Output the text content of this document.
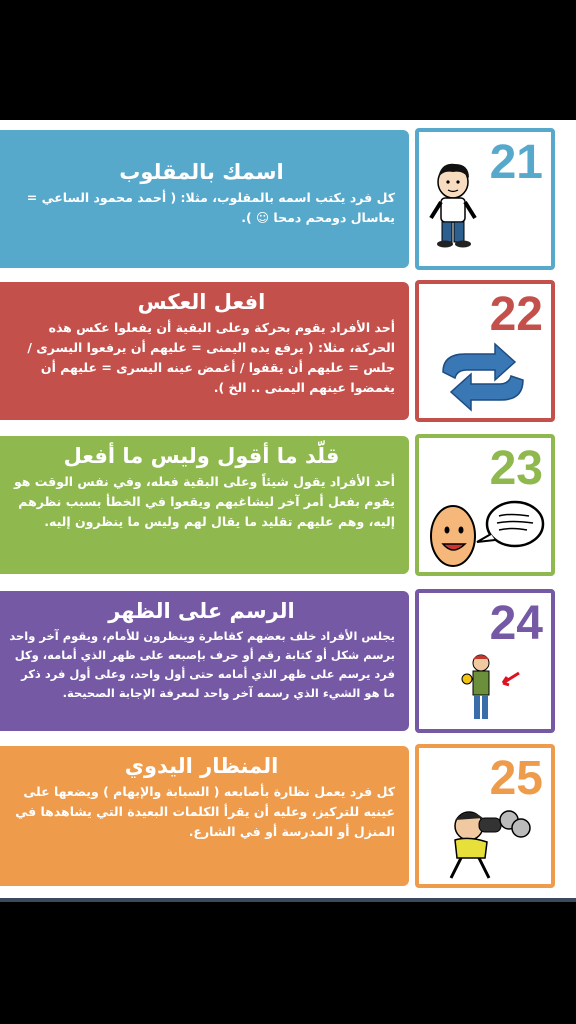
اسمك بالمقلوب

كل فرد يكتب اسمه بالمقلوب، مثلا: ( أحمد محمود الساعي = يعاسال دومحم دمحا ☺ ).

21
افعل العكس

أحد الأفراد يقوم بحركة وعلى البقية أن يفعلوا عكس هذه الحركة، مثلا: ( يرفع يده اليمنى = عليهم أن يرفعوا اليسرى / جلس = عليهم أن يقفوا / أغمض عينه اليسرى = عليهم أن يغمضوا عينهم اليمنى .. الخ ).

22
قلّد ما أقول وليس ما أفعل

أحد الأفراد يقول شيئاً وعلى البقية فعله، وفي نفس الوقت هو يقوم بفعل أمر آخر ليشاغبهم ويقعوا في الخطأ بسبب نظرهم إليه، وهم عليهم تقليد ما يقال لهم وليس ما ينظرون إليه.

23
الرسم على الظهر

يجلس الأفراد خلف بعضهم كقاطرة وينظرون للأمام، ويقوم آخر واحد برسم شكل أو كتابة رقم أو حرف بإصبعه على ظهر الذي أمامه، وكل فرد يرسم على ظهر الذي أمامه حتى أول واحد، وعلى أول فرد ذكر ما هو الشيء الذي رسمه آخر واحد لمعرفة الإجابة الصحيحة.

24
المنظار اليدوي

كل فرد يعمل نظارة بأصابعه ( السبابة والإبهام ) ويضعها على عينيه للتركيز، وعليه أن يقرأ الكلمات البعيدة التي يشاهدها في المنزل أو المدرسة أو في الشارع.

25
